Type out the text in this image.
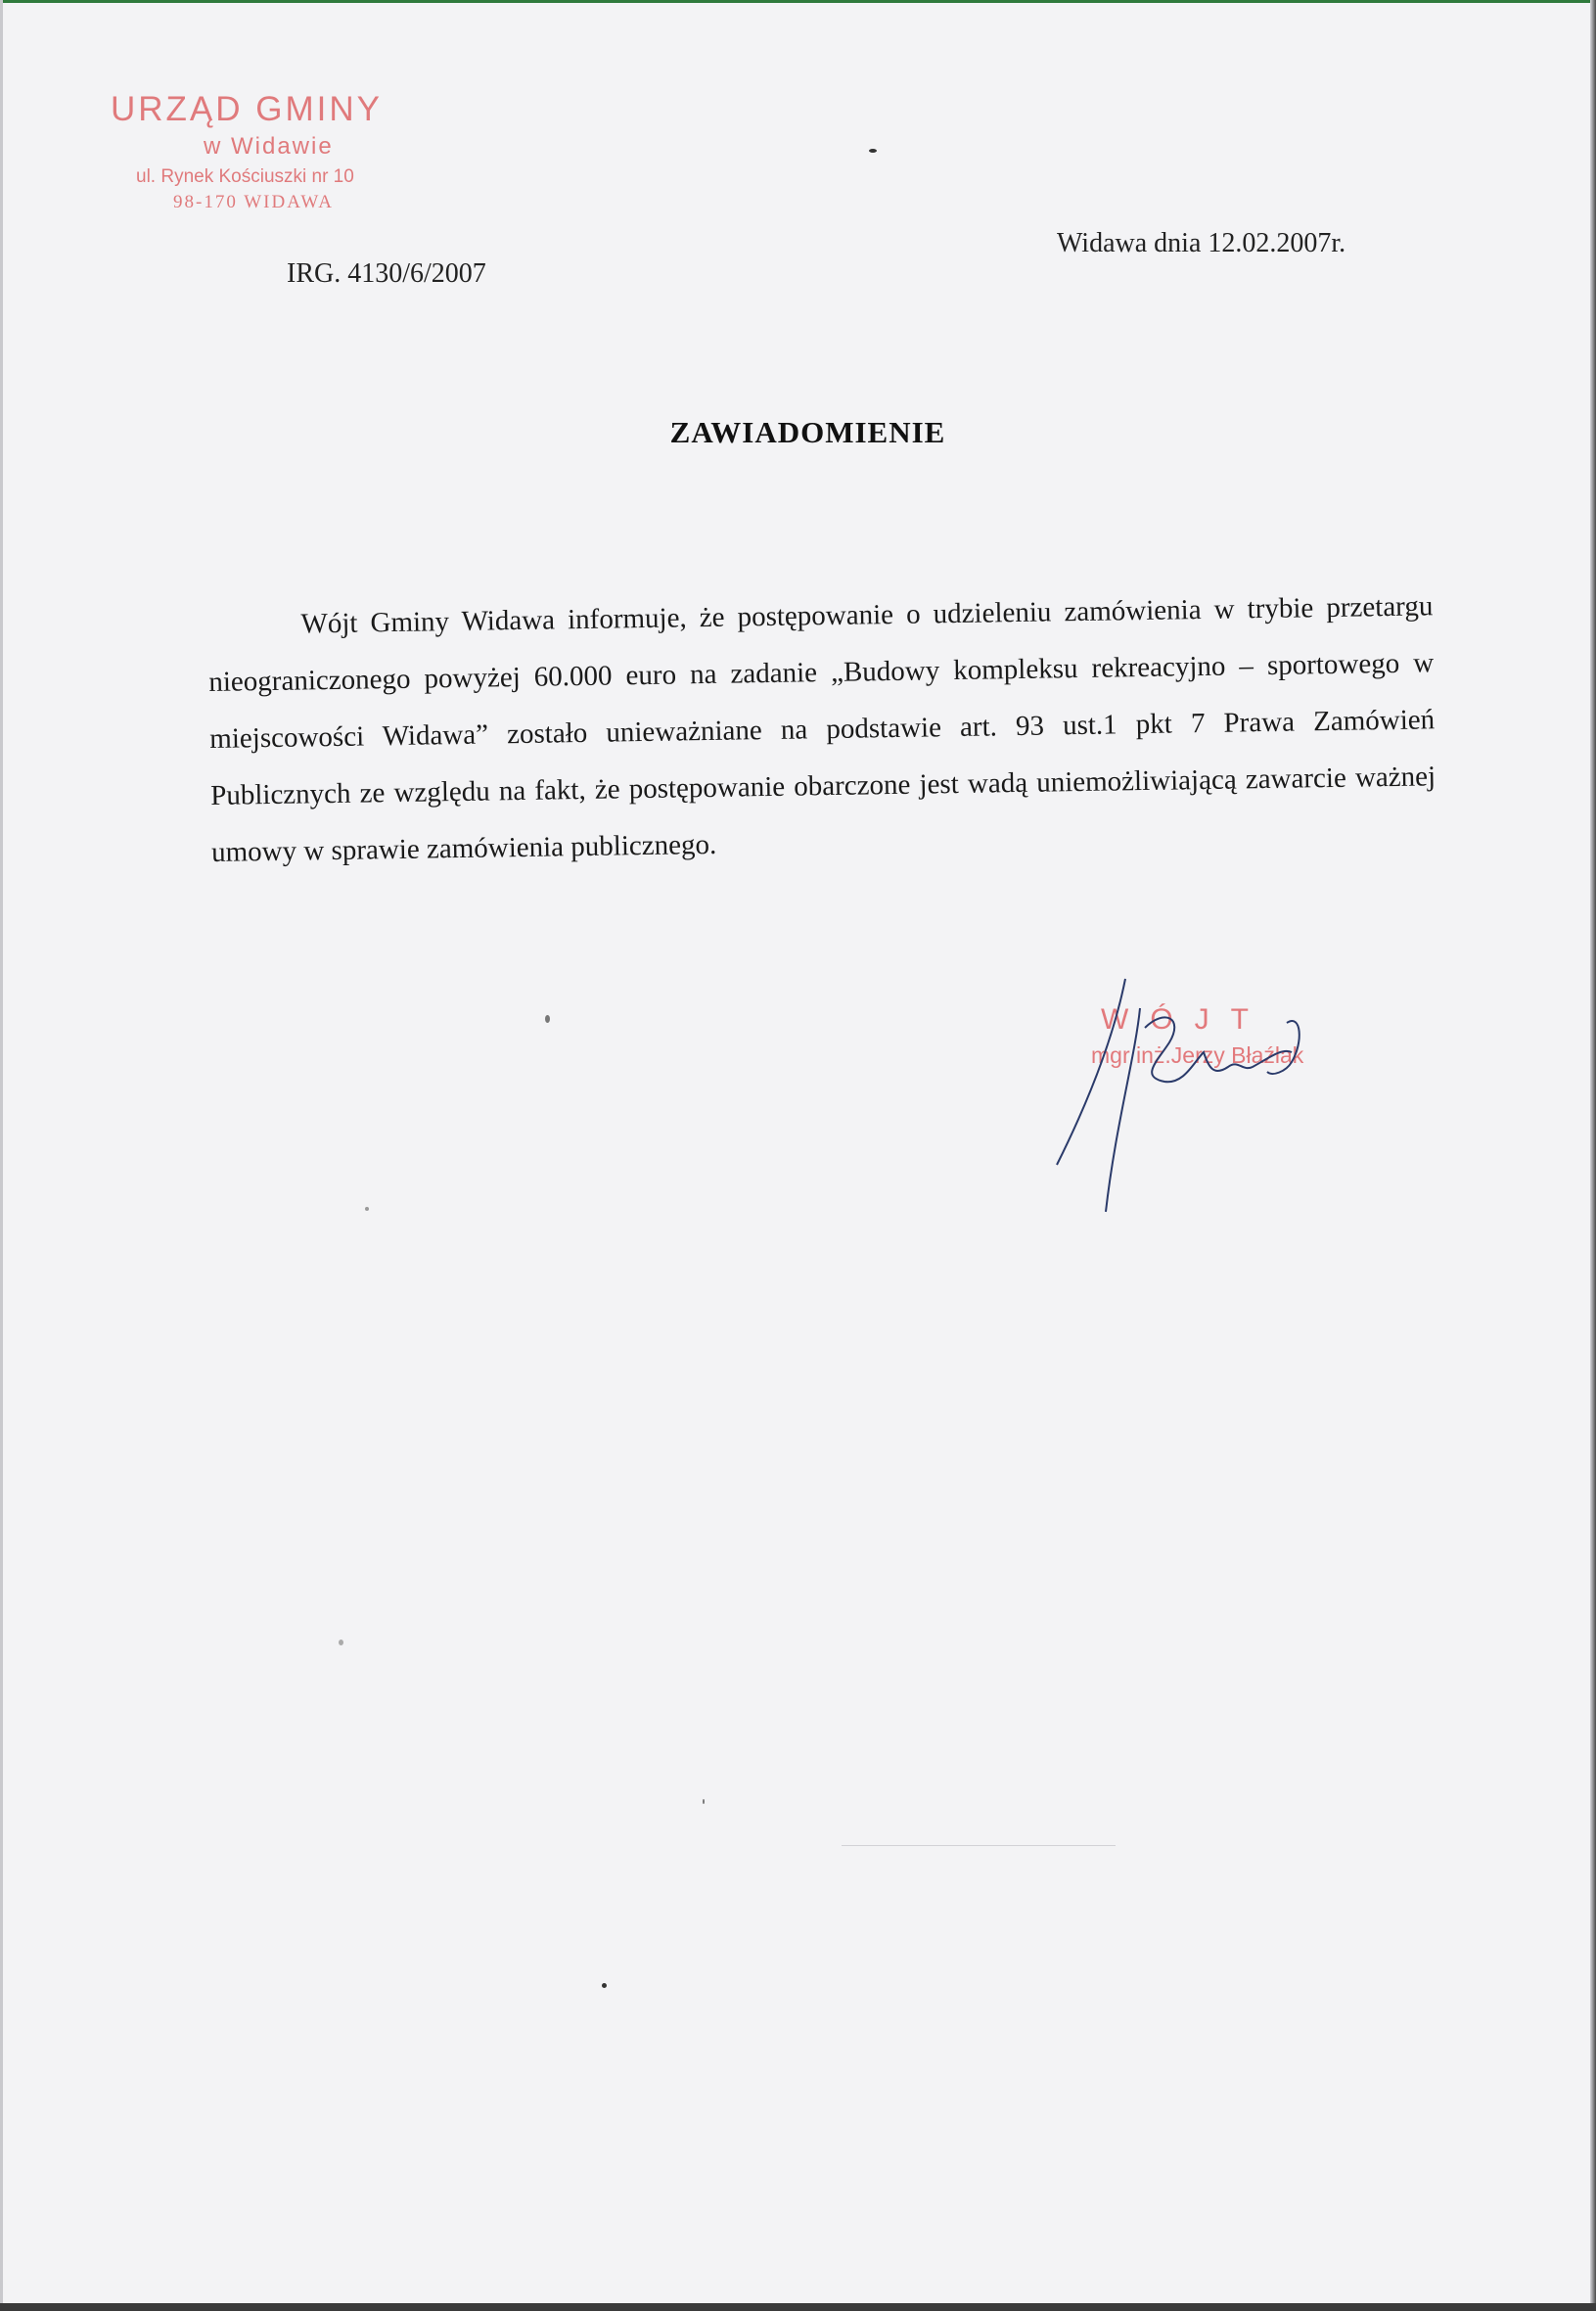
URZĄD GMINY
w Widawie
ul. Rynek Kościuszki nr 10
98-170 WIDAWA
IRG. 4130/6/2007
Widawa dnia 12.02.2007r.
ZAWIADOMIENIE
Wójt Gminy Widawa informuje, że postępowanie o udzieleniu zamówienia w trybie przetargu nieograniczonego powyżej 60.000 euro na zadanie „Budowy kompleksu rekreacyjno – sportowego w miejscowości Widawa” zostało unieważniane na podstawie art. 93 ust.1 pkt 7 Prawa Zamówień Publicznych ze względu na fakt, że postępowanie obarczone jest wadą uniemożliwiającą zawarcie ważnej umowy w sprawie zamówienia publicznego.
WÓJT
mgr inż.Jerzy Błaźlak
